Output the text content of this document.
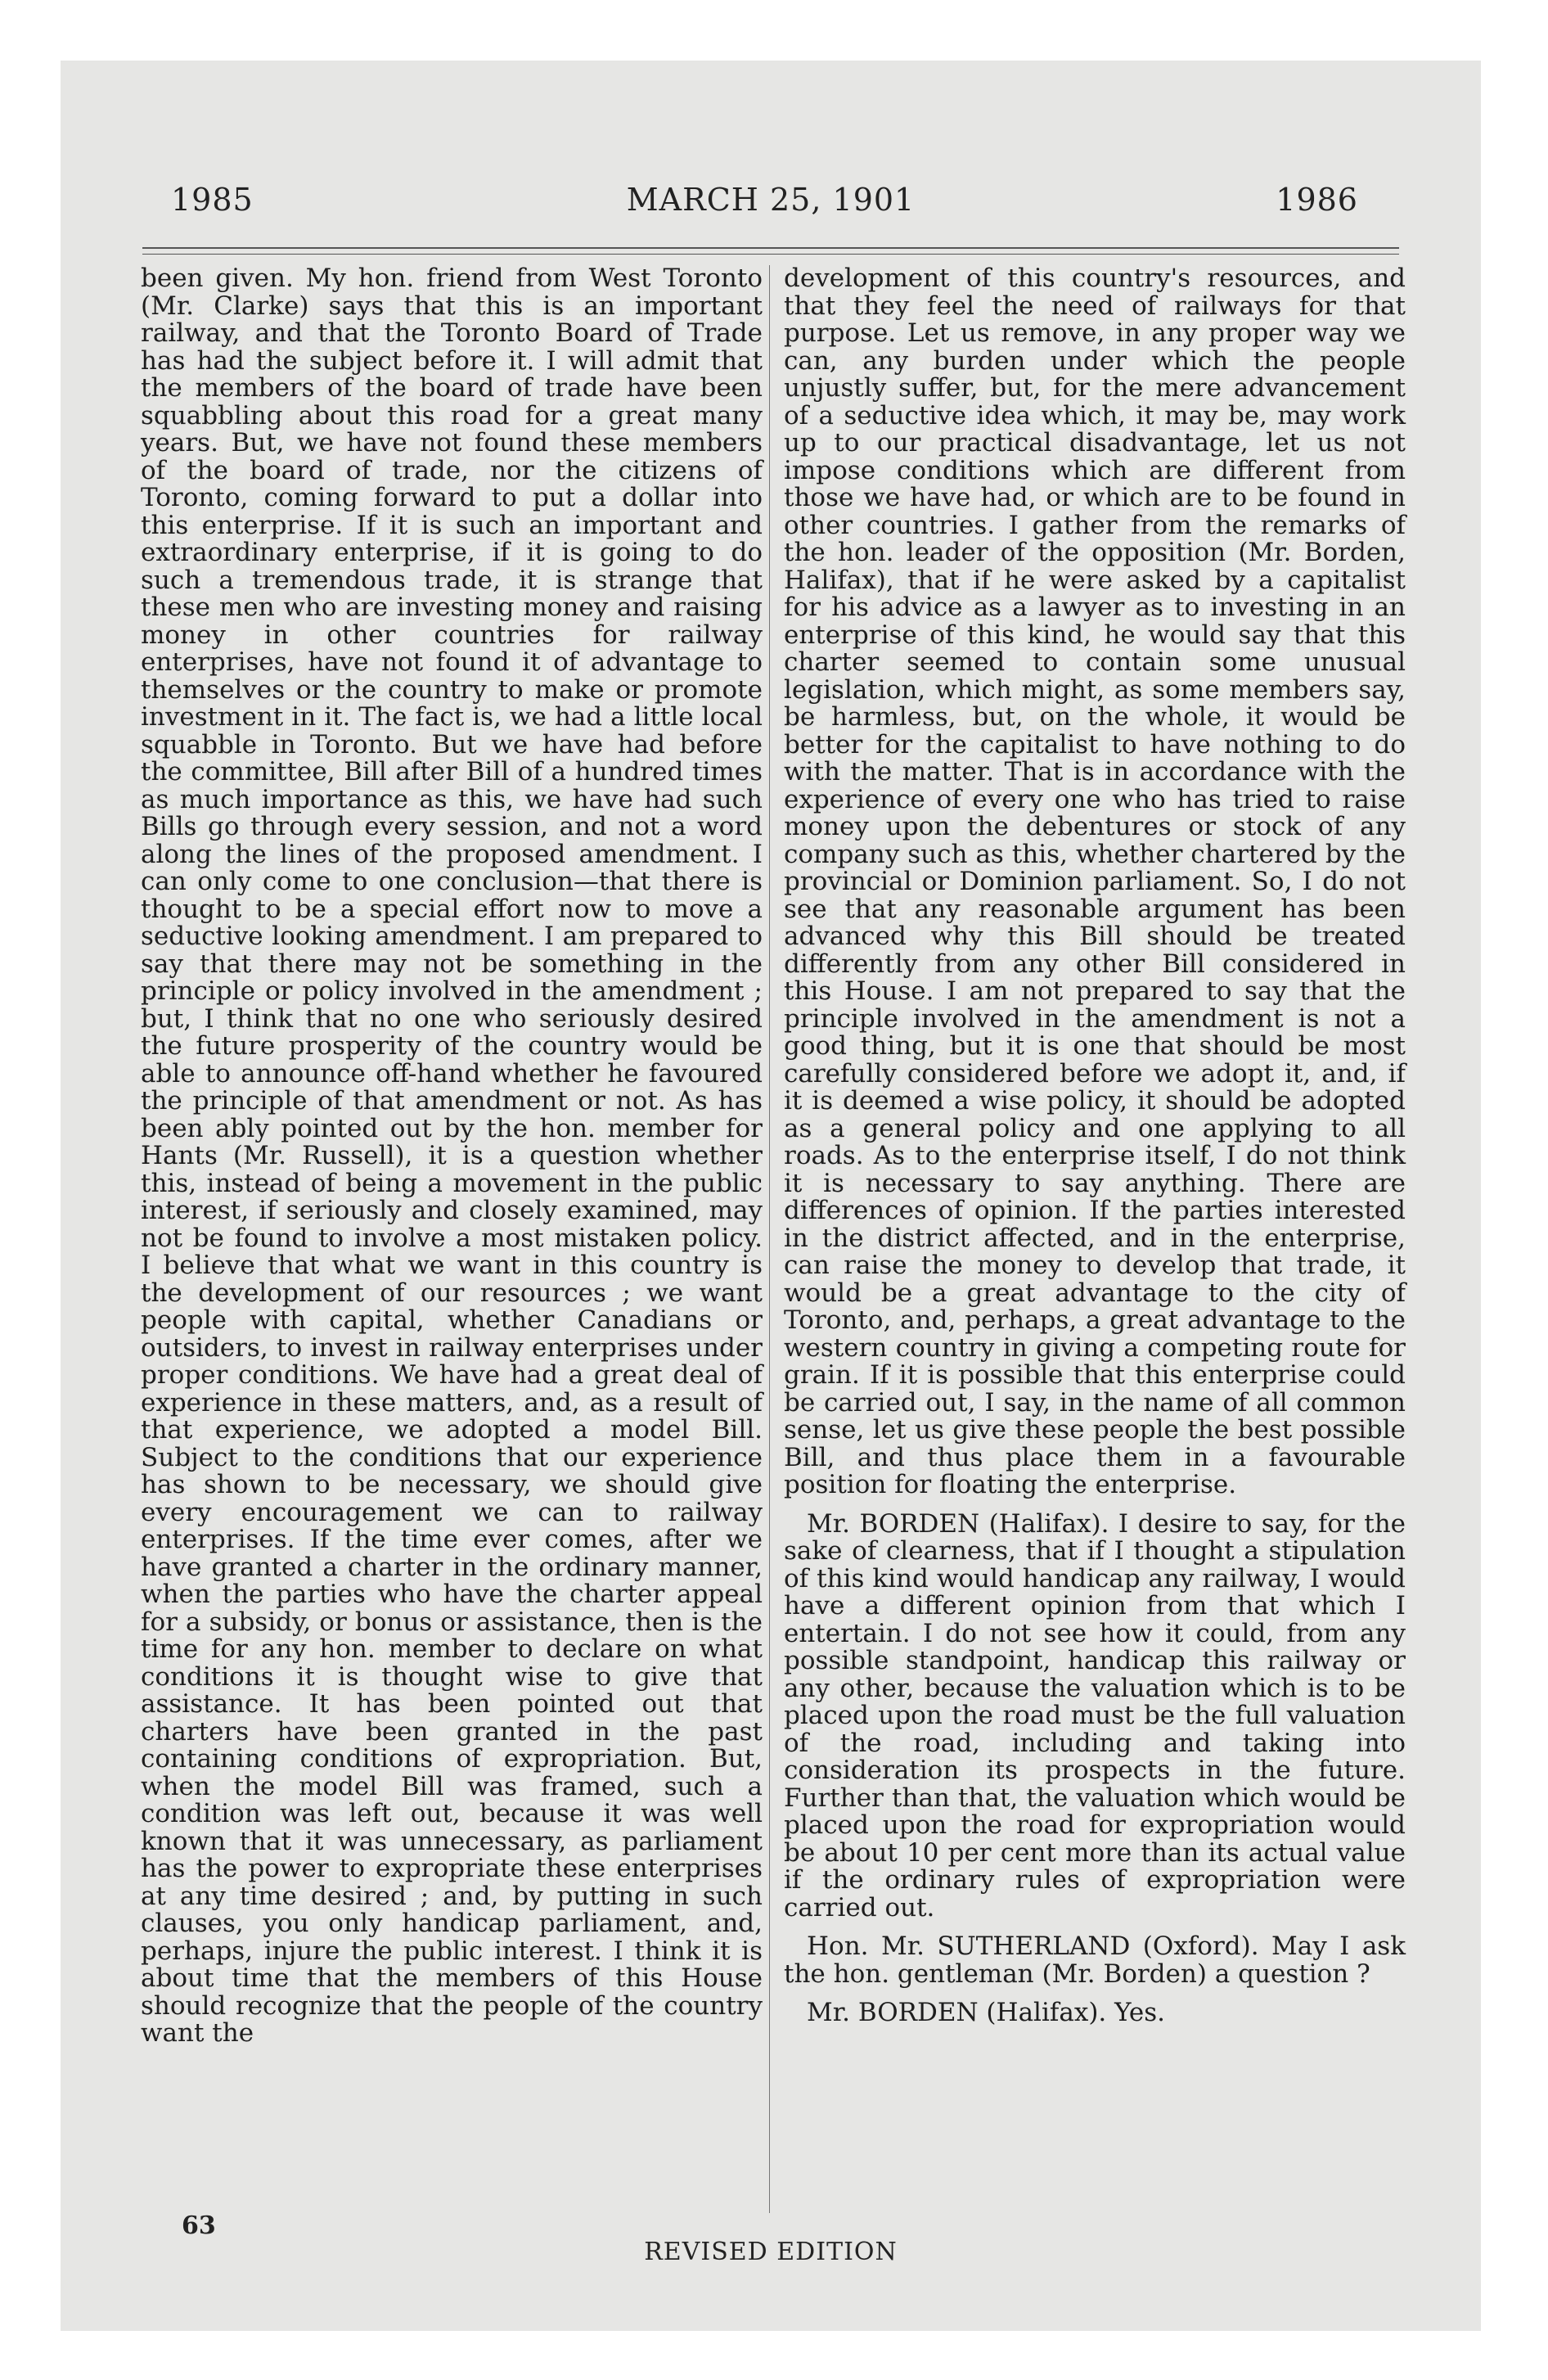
1985	MARCH 25, 1901	1986

been given. My hon. friend from West Toronto (Mr. Clarke) says that this is an important railway, and that the Toronto Board of Trade has had the subject before it. I will admit that the members of the board of trade have been squabbling about this road for a great many years. But, we have not found these members of the board of trade, nor the citizens of Toronto, coming forward to put a dollar into this enterprise. If it is such an important and extraordinary enterprise, if it is going to do such a tremendous trade, it is strange that these men who are investing money and raising money in other countries for railway enterprises, have not found it of advantage to themselves or the country to make or promote investment in it. The fact is, we had a little local squabble in Toronto. But we have had before the committee, Bill after Bill of a hundred times as much importance as this, we have had such Bills go through every session, and not a word along the lines of the proposed amendment. I can only come to one conclusion—that there is thought to be a special effort now to move a seductive looking amendment. I am prepared to say that there may not be something in the principle or policy involved in the amendment ; but, I think that no one who seriously desired the future prosperity of the country would be able to announce off-hand whether he favoured the principle of that amendment or not. As has been ably pointed out by the hon. member for Hants (Mr. Russell), it is a question whether this, instead of being a movement in the public interest, if seriously and closely examined, may not be found to involve a most mistaken policy. I believe that what we want in this country is the development of our resources ; we want people with capital, whether Canadians or outsiders, to invest in railway enterprises under proper conditions. We have had a great deal of experience in these matters, and, as a result of that experience, we adopted a model Bill. Subject to the conditions that our experience has shown to be necessary, we should give every encouragement we can to railway enterprises. If the time ever comes, after we have granted a charter in the ordinary manner, when the parties who have the charter appeal for a subsidy, or bonus or assistance, then is the time for any hon. member to declare on what conditions it is thought wise to give that assistance. It has been pointed out that charters have been granted in the past containing conditions of expropriation. But, when the model Bill was framed, such a condition was left out, because it was well known that it was unnecessary, as parliament has the power to expropriate these enterprises at any time desired ; and, by putting in such clauses, you only handicap parliament, and, perhaps, injure the public interest. I think it is about time that the members of this House should recognize that the people of the country want the

development of this country's resources, and that they feel the need of railways for that purpose. Let us remove, in any proper way we can, any burden under which the people unjustly suffer, but, for the mere advancement of a seductive idea which, it may be, may work up to our practical disadvantage, let us not impose conditions which are different from those we have had, or which are to be found in other countries. I gather from the remarks of the hon. leader of the opposition (Mr. Borden, Halifax), that if he were asked by a capitalist for his advice as a lawyer as to investing in an enterprise of this kind, he would say that this charter seemed to contain some unusual legislation, which might, as some members say, be harmless, but, on the whole, it would be better for the capitalist to have nothing to do with the matter. That is in accordance with the experience of every one who has tried to raise money upon the debentures or stock of any company such as this, whether chartered by the provincial or Dominion parliament. So, I do not see that any reasonable argument has been advanced why this Bill should be treated differently from any other Bill considered in this House. I am not prepared to say that the principle involved in the amendment is not a good thing, but it is one that should be most carefully considered before we adopt it, and, if it is deemed a wise policy, it should be adopted as a general policy and one applying to all roads. As to the enterprise itself, I do not think it is necessary to say anything. There are differences of opinion. If the parties interested in the district affected, and in the enterprise, can raise the money to develop that trade, it would be a great advantage to the city of Toronto, and, perhaps, a great advantage to the western country in giving a competing route for grain. If it is possible that this enterprise could be carried out, I say, in the name of all common sense, let us give these people the best possible Bill, and thus place them in a favourable position for floating the enterprise.

Mr. BORDEN (Halifax). I desire to say, for the sake of clearness, that if I thought a stipulation of this kind would handicap any railway, I would have a different opinion from that which I entertain. I do not see how it could, from any possible standpoint, handicap this railway or any other, because the valuation which is to be placed upon the road must be the full valuation of the road, including and taking into consideration its prospects in the future. Further than that, the valuation which would be placed upon the road for expropriation would be about 10 per cent more than its actual value if the ordinary rules of expropriation were carried out.

Hon. Mr. SUTHERLAND (Oxford). May I ask the hon. gentleman (Mr. Borden) a question ?

Mr. BORDEN (Halifax). Yes.

63
REVISED EDITION
